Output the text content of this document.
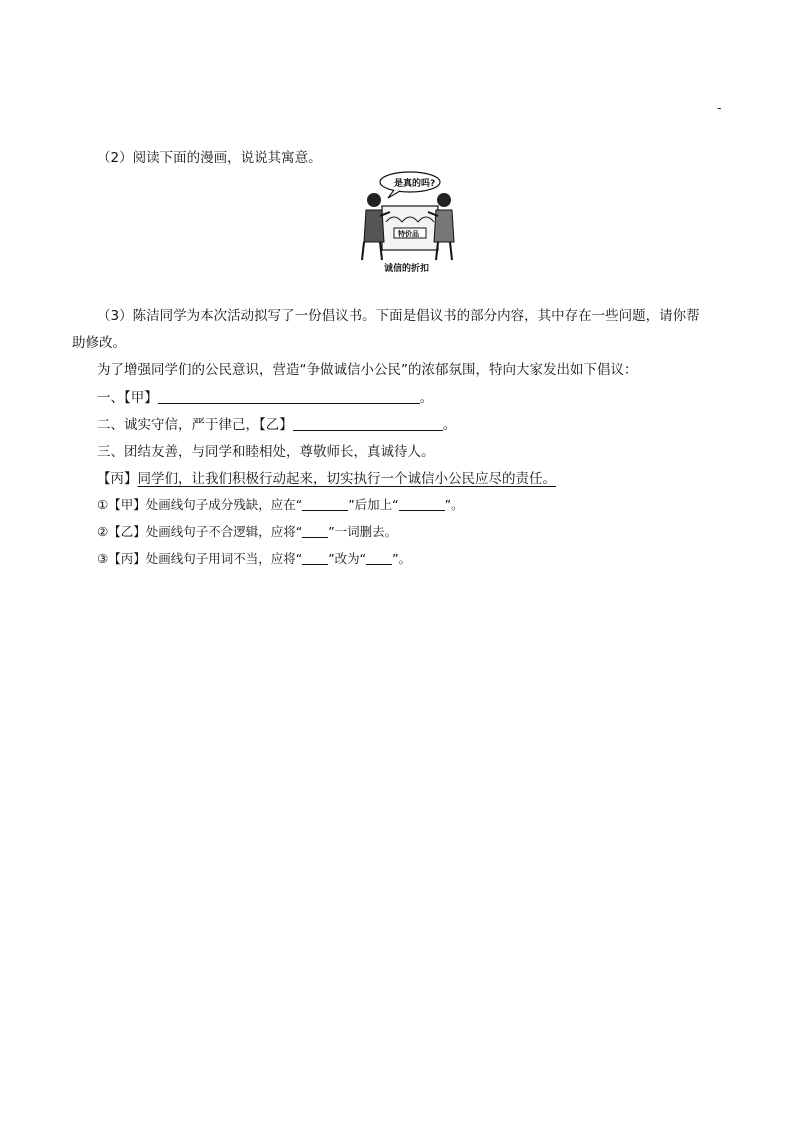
-
（2）阅读下面的漫画，说说其寓意。
是真的吗?
特价品
诚信的折扣
（3）陈洁同学为本次活动拟写了一份倡议书。下面是倡议书的部分内容，其中存在一些问题，请你帮
助修改。
为了增强同学们的公民意识，营造“争做诚信小公民”的浓郁氛围，特向大家发出如下倡议：
一、【甲】	。
二、诚实守信，严于律己，【乙】	。
三、团结友善，与同学和睦相处，尊敬师长，真诚待人。
【丙】同学们，让我们积极行动起来，切实执行一个诚信小公民应尽的责任。
①【甲】处画线句子成分残缺，应在“	”后加上“	”。
②【乙】处画线句子不合逻辑，应将“ ”一词删去。
③【丙】处画线句子用词不当，应将“ ”改为“ ”。
